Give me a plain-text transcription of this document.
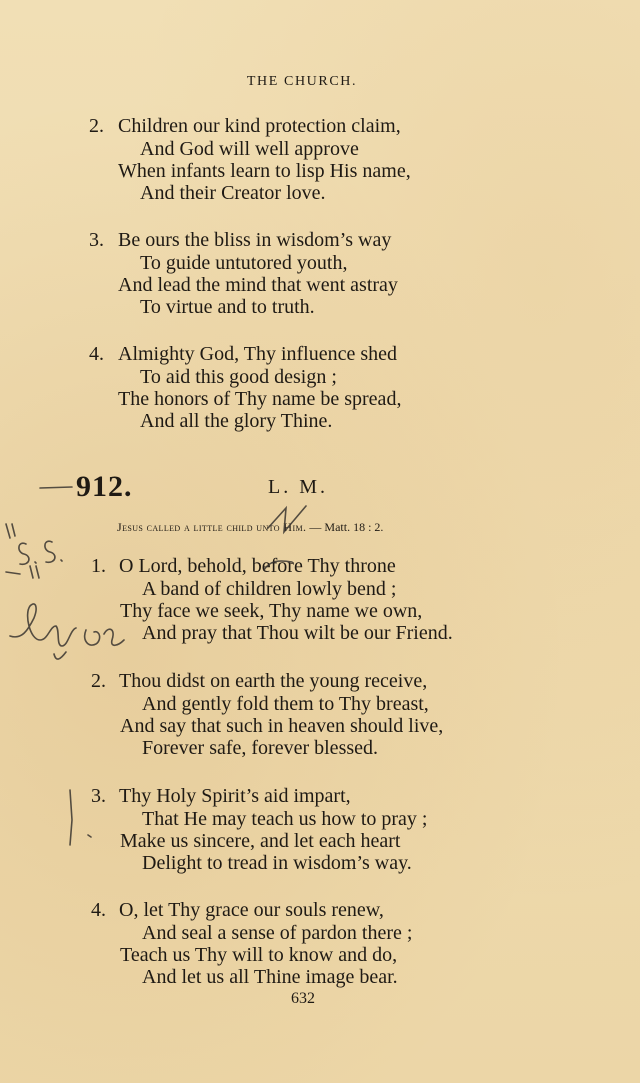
THE CHURCH.
2. Children our kind protection claim,
And God will well approve
When infants learn to lisp His name,
And their Creator love.
3. Be ours the bliss in wisdom’s way
To guide untutored youth,
And lead the mind that went astray
To virtue and to truth.
4. Almighty God, Thy influence shed
To aid this good design ;
The honors of Thy name be spread,
And all the glory Thine.
912.	L. M.
Jesus called a little child unto Him. — Matt. 18 : 2.
1. O Lord, behold, before Thy throne
A band of children lowly bend ;
Thy face we seek, Thy name we own,
And pray that Thou wilt be our Friend.
2. Thou didst on earth the young receive,
And gently fold them to Thy breast,
And say that such in heaven should live,
Forever safe, forever blessed.
3. Thy Holy Spirit’s aid impart,
That He may teach us how to pray ;
Make us sincere, and let each heart
Delight to tread in wisdom’s way.
4. O, let Thy grace our souls renew,
And seal a sense of pardon there ;
Teach us Thy will to know and do,
And let us all Thine image bear.
632
